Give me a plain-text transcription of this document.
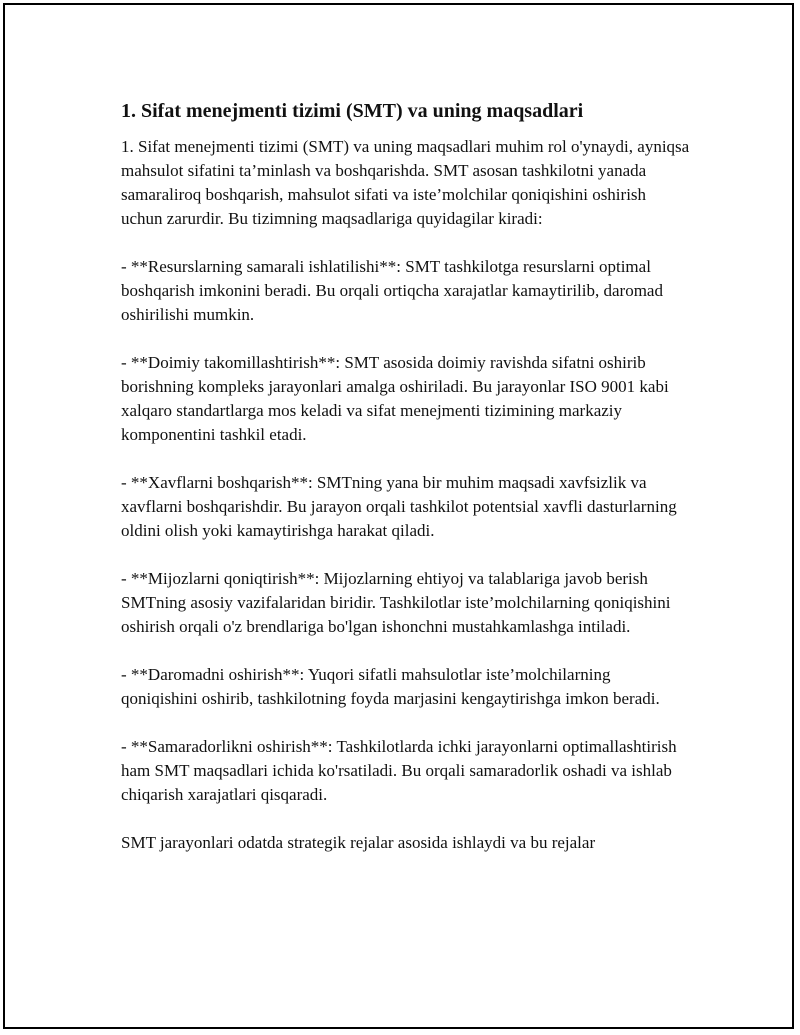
1. Sifat menejmenti tizimi (SMT) va uning maqsadlari

1. Sifat menejmenti tizimi (SMT) va uning maqsadlari muhim rol o'ynaydi, ayniqsa mahsulot sifatini ta’minlash va boshqarishda. SMT asosan tashkilotni yanada samaraliroq boshqarish, mahsulot sifati va iste’molchilar qoniqishini oshirish uchun zarurdir. Bu tizimning maqsadlariga quyidagilar kiradi:

- **Resurslarning samarali ishlatilishi**: SMT tashkilotga resurslarni optimal boshqarish imkonini beradi. Bu orqali ortiqcha xarajatlar kamaytirilib, daromad oshirilishi mumkin.

- **Doimiy takomillashtirish**: SMT asosida doimiy ravishda sifatni oshirib borishning kompleks jarayonlari amalga oshiriladi. Bu jarayonlar ISO 9001 kabi xalqaro standartlarga mos keladi va sifat menejmenti tizimining markaziy komponentini tashkil etadi.

- **Xavflarni boshqarish**: SMTning yana bir muhim maqsadi xavfsizlik va xavflarni boshqarishdir. Bu jarayon orqali tashkilot potentsial xavfli dasturlarning oldini olish yoki kamaytirishga harakat qiladi.

- **Mijozlarni qoniqtirish**: Mijozlarning ehtiyoj va talablariga javob berish SMTning asosiy vazifalaridan biridir. Tashkilotlar iste’molchilarning qoniqishini oshirish orqali o'z brendlariga bo'lgan ishonchni mustahkamlashga intiladi.

- **Daromadni oshirish**: Yuqori sifatli mahsulotlar iste’molchilarning qoniqishini oshirib, tashkilotning foyda marjasini kengaytirishga imkon beradi.

- **Samaradorlikni oshirish**: Tashkilotlarda ichki jarayonlarni optimallashtirish ham SMT maqsadlari ichida ko'rsatiladi. Bu orqali samaradorlik oshadi va ishlab chiqarish xarajatlari qisqaradi.

SMT jarayonlari odatda strategik rejalar asosida ishlaydi va bu rejalar
